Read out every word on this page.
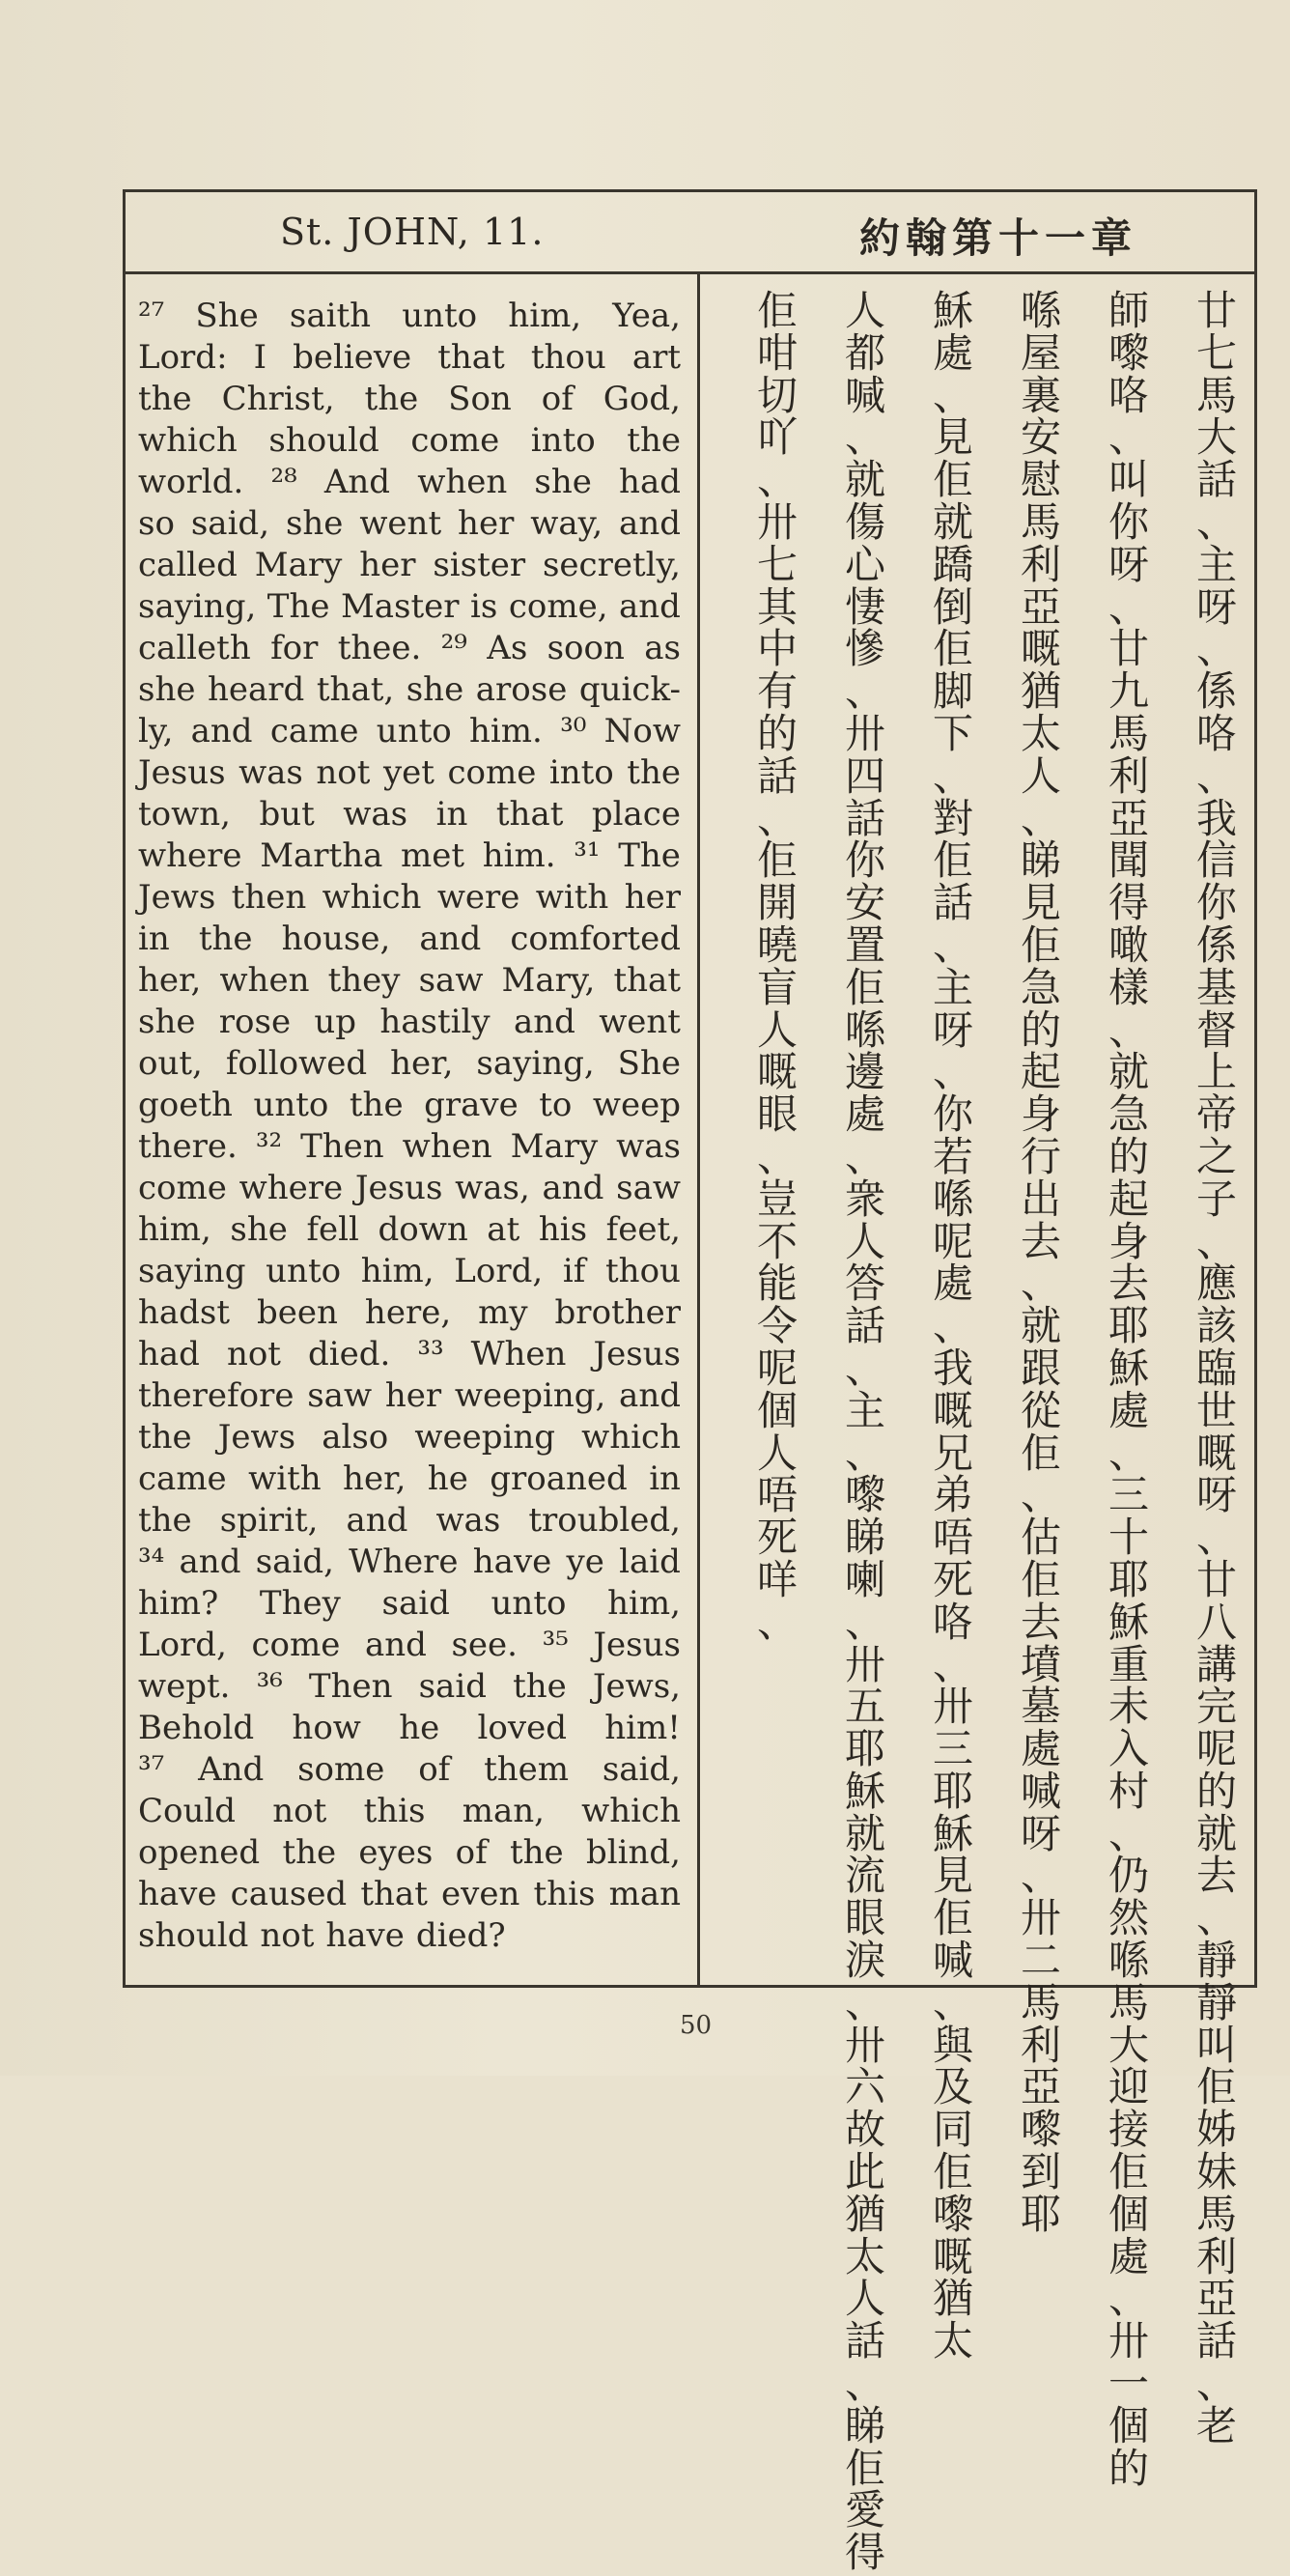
St. JOHN, 11.	約翰第十一章
²⁷ She saith unto him, Yea,
Lord: I believe that thou art
the Christ, the Son of God,
which should come into the
world. ²⁸ And when she had
so said, she went her way, and
called Mary her sister secretly,
saying, The Master is come, and
calleth for thee. ²⁹ As soon as
she heard that, she arose quick-
ly, and came unto him. ³⁰ Now
Jesus was not yet come into the
town, but was in that place
where Martha met him. ³¹ The
Jews then which were with her
in the house, and comforted
her, when they saw Mary, that
she rose up hastily and went
out, followed her, saying, She
goeth unto the grave to weep
there. ³² Then when Mary was
come where Jesus was, and saw
him, she fell down at his feet,
saying unto him, Lord, if thou
hadst been here, my brother
had not died. ³³ When Jesus
therefore saw her weeping, and
the Jews also weeping which
came with her, he groaned in
the spirit, and was troubled,
³⁴ and said, Where have ye laid
him? They said unto him,
Lord, come and see. ³⁵ Jesus
wept. ³⁶ Then said the Jews,
Behold how he loved him!
³⁷ And some of them said,
Could not this man, which
opened the eyes of the blind,
have caused that even this man
should not have died?
廿
七
馬
大
話
、
主
呀
、
係
咯
、
我
信
你
係
基
督
上
帝
之
子
、
應
該
臨
世
嘅
呀
、
廿
八
講
完
呢
的
就
去
、
靜
靜
叫
佢
姊
妹
馬
利
亞
話
、
老
師
嚟
咯
、
叫
你
呀
、
廿
九
馬
利
亞
聞
得
噉
樣
、
就
急
的
起
身
去
耶
穌
處
、
三
十
耶
穌
重
未
入
村
、
仍
然
喺
馬
大
迎
接
佢
個
處
、
卅
一
個
的
喺
屋
裏
安
慰
馬
利
亞
嘅
猶
太
人
、
睇
見
佢
急
的
起
身
行
出
去
、
就
跟
從
佢
、
估
佢
去
墳
墓
處
喊
呀
、
卅
二
馬
利
亞
嚟
到
耶
穌
處
、
見
佢
就
蹻
倒
佢
脚
下
、
對
佢
話
、
主
呀
、
你
若
喺
呢
處
、
我
嘅
兄
弟
唔
死
咯
、
卅
三
耶
穌
見
佢
喊
、
與
及
同
佢
嚟
嘅
猶
太
人
都
喊
、
就
傷
心
悽
慘
、
卅
四
話
你
安
置
佢
喺
邊
處
、
衆
人
答
話
、
主
、
嚟
睇
喇
、
卅
五
耶
穌
就
流
眼
淚
、
卅
六
故
此
猶
太
人
話
、
睇
佢
愛
得
佢
咁
切
吖
、
卅
七
其
中
有
的
話
、
佢
開
曉
盲
人
嘅
眼
、
豈
不
能
令
呢
個
人
唔
死
咩
、
50
